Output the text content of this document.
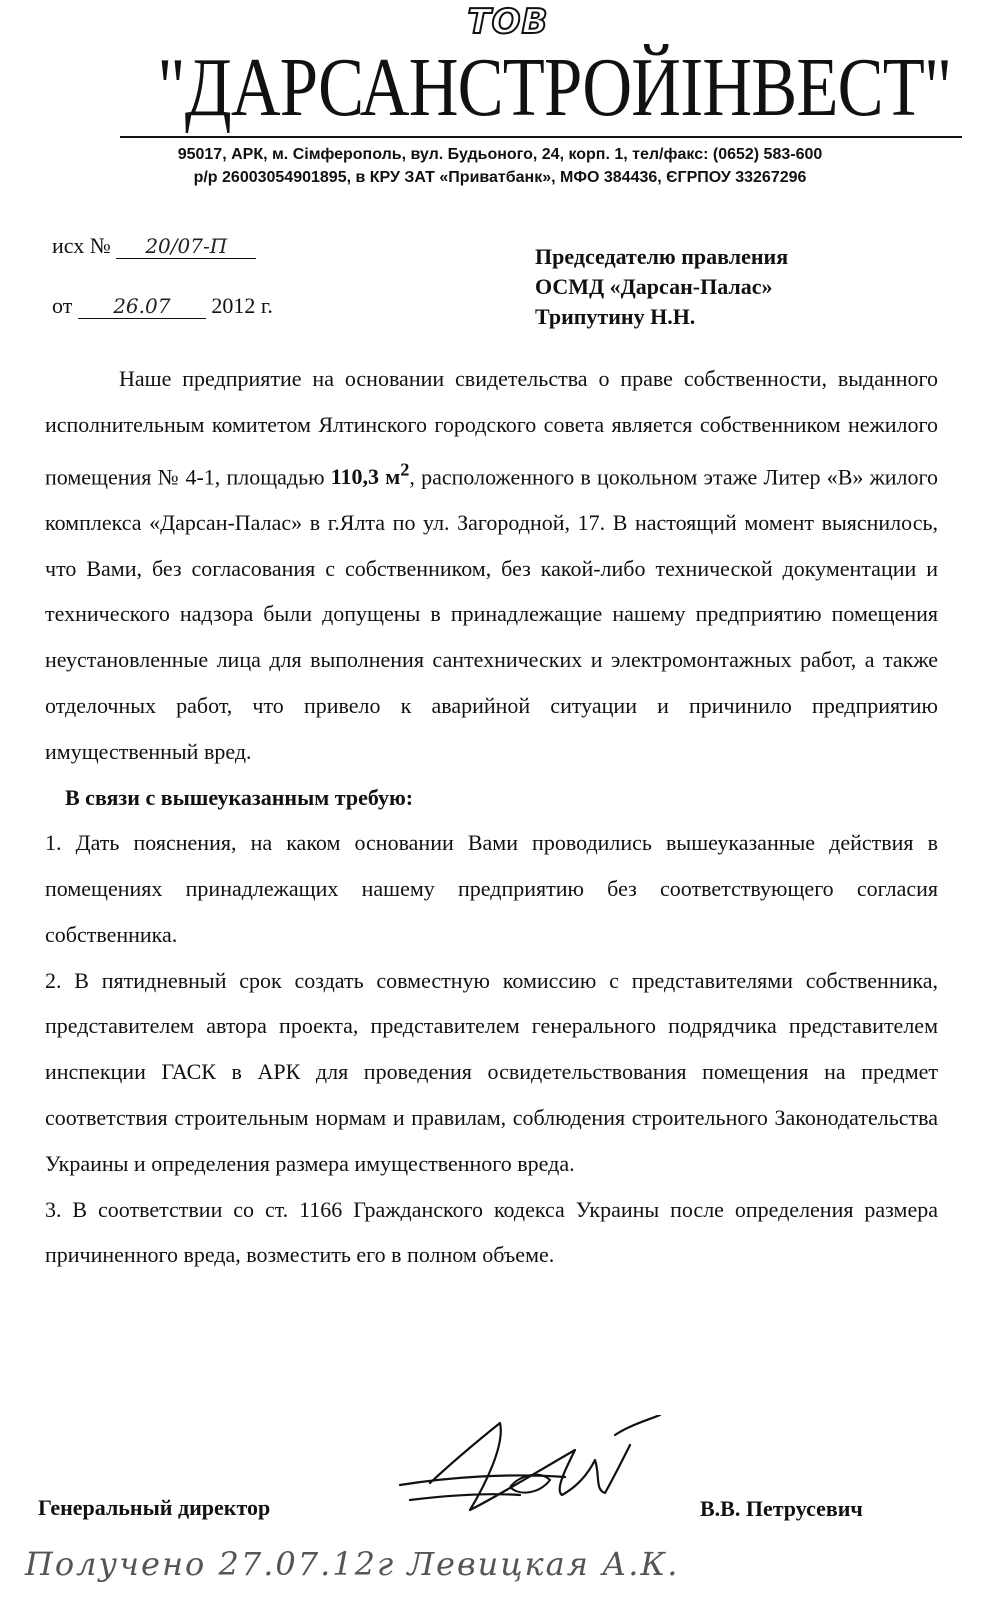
ТОВ
"ДАРСАНСТРОЙІНВЕСТ"
95017, АРК, м. Сімферополь, вул. Будьоного, 24, корп. 1, тел/факс: (0652) 583-600
р/р 26003054901895, в КРУ ЗАТ «Приватбанк», МФО 384436, ЄГРПОУ 33267296
исх № 20/07-П
от 26.07 2012 г.
Председателю правления
ОСМД «Дарсан-Палас»
Трипутину Н.Н.

Наше предприятие на основании свидетельства о праве собственности, выданного исполнительным комитетом Ялтинского городского совета является собственником нежилого помещения № 4-1, площадью 110,3 $м^2$, расположенного в цокольном этаже Литер «В» жилого комплекса «Дарсан-Палас» в г.Ялта по ул. Загородной, 17. В настоящий момент выяснилось, что Вами, без согласования с собственником, без какой-либо технической документации и технического надзора были допущены в принадлежащие нашему предприятию помещения неустановленные лица для выполнения сантехнических и электромонтажных работ, а также отделочных работ, что привело к аварийной ситуации и причинило предприятию имущественный вред.

В связи с вышеуказанным требую:

1. Дать пояснения, на каком основании Вами проводились вышеуказанные действия в помещениях принадлежащих нашему предприятию без соответствующего согласия собственника.

2. В пятидневный срок создать совместную комиссию с представителями собственника, представителем автора проекта, представителем генерального подрядчика представителем инспекции ГАСК в АРК для проведения освидетельствования помещения на предмет соответствия строительным нормам и правилам, соблюдения строительного Законодательства Украины и определения размера имущественного вреда.

3. В соответствии со ст. 1166 Гражданского кодекса Украины после определения размера причиненного вреда, возместить его в полном объеме.

Генеральный директор	В.В. Петрусевич
Получено 27.07.12г Левицкая А.К.
